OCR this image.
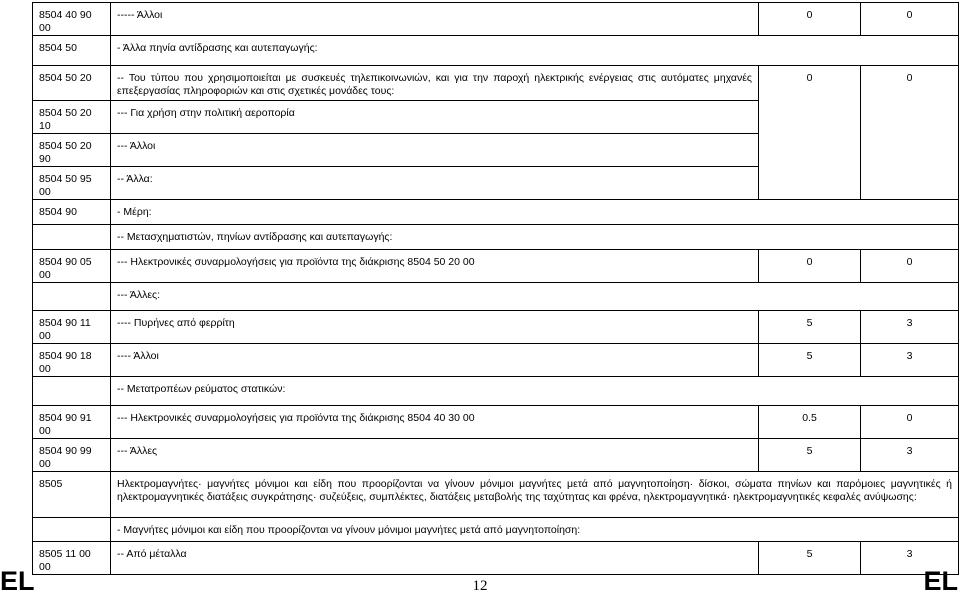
8504 40 90 00	----- Άλλοι	0	0
8504 50	- Άλλα πηνία αντίδρασης και αυτεπαγωγής:		
8504 50 20	-- Του τύπου που χρησιμοποιείται με συσκευές τηλεπικοινωνιών, και για την παροχή ηλεκτρικής ενέργειας στις αυτόματες μηχανές επεξεργασίας πληροφοριών και στις σχετικές μονάδες τους:	0	0
8504 50 20 10	--- Για χρήση στην πολιτική αεροπορία		
8504 50 20 90	--- Άλλοι		
8504 50 95 00	-- Άλλα:		
8504 90	- Μέρη:		
	-- Μετασχηματιστών, πηνίων αντίδρασης και αυτεπαγωγής:		
8504 90 05 00	--- Ηλεκτρονικές συναρμολογήσεις για προϊόντα της διάκρισης 8504 50 20 00	0	0
	--- Άλλες:		
8504 90 11 00	---- Πυρήνες από φερρίτη	5	3
8504 90 18 00	---- Άλλοι	5	3
	-- Μετατροπέων ρεύματος στατικών:		
8504 90 91 00	--- Ηλεκτρονικές συναρμολογήσεις για προϊόντα της διάκρισης 8504 40 30 00	0.5	0
8504 90 99 00	--- Άλλες	5	3
8505	Ηλεκτρομαγνήτες· μαγνήτες μόνιμοι και είδη που προορίζονται να γίνουν μόνιμοι μαγνήτες μετά από μαγνητοποίηση· δίσκοι, σώματα πηνίων και παρόμοιες μαγνητικές ή ηλεκτρομαγνητικές διατάξεις συγκράτησης· συζεύξεις, συμπλέκτες, διατάξεις μεταβολής της ταχύτητας και φρένα, ηλεκτρομαγνητικά· ηλεκτρομαγνητικές κεφαλές ανύψωσης:		
	- Μαγνήτες μόνιμοι και είδη που προορίζονται να γίνουν μόνιμοι μαγνήτες μετά από μαγνητοποίηση:		
8505 11 00 00	-- Από μέταλλα	5	3
EL	12	EL
